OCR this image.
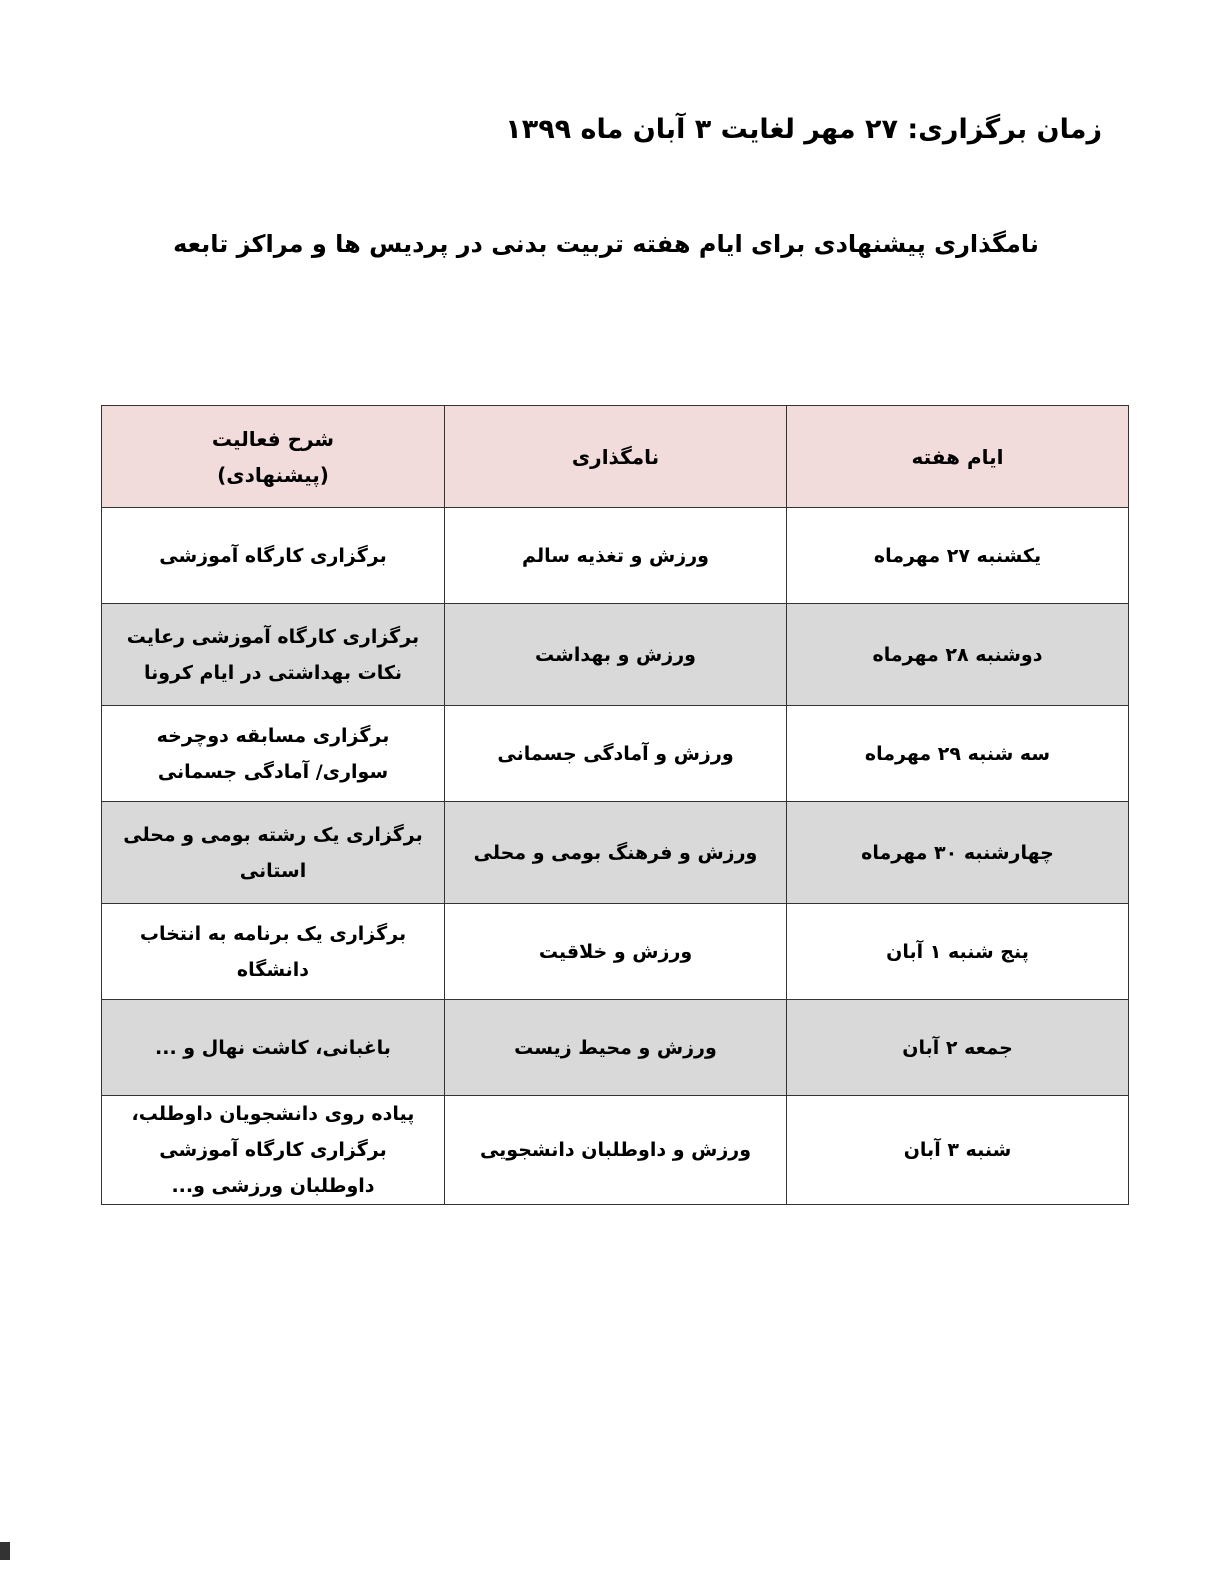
زمان برگزاری: ۲۷ مهر لغایت ۳ آبان ماه ۱۳۹۹
نامگذاری پیشنهادی برای ایام هفته تربیت بدنی در پردیس ها و مراکز تابعه
ایام هفته	نامگذاری	شرح فعالیت
(پیشنهادی)
یکشنبه ۲۷ مهرماه	ورزش و تغذیه سالم	برگزاری کارگاه آموزشی
دوشنبه ۲۸ مهرماه	ورزش و بهداشت	برگزاری کارگاه آموزشی رعایت نکات بهداشتی در ایام کرونا
سه شنبه ۲۹ مهرماه	ورزش و آمادگی جسمانی	برگزاری مسابقه دوچرخه سواری/ آمادگی جسمانی
چهارشنبه ۳۰ مهرماه	ورزش و فرهنگ بومی و محلی	برگزاری یک رشته بومی و محلی استانی
پنج شنبه ۱ آبان	ورزش و خلاقیت	برگزاری یک برنامه به انتخاب دانشگاه
جمعه ۲ آبان	ورزش و محیط زیست	باغبانی، کاشت نهال و ...
شنبه ۳ آبان	ورزش و داوطلبان دانشجویی	پیاده روی دانشجویان داوطلب، برگزاری کارگاه آموزشی داوطلبان ورزشی و...
